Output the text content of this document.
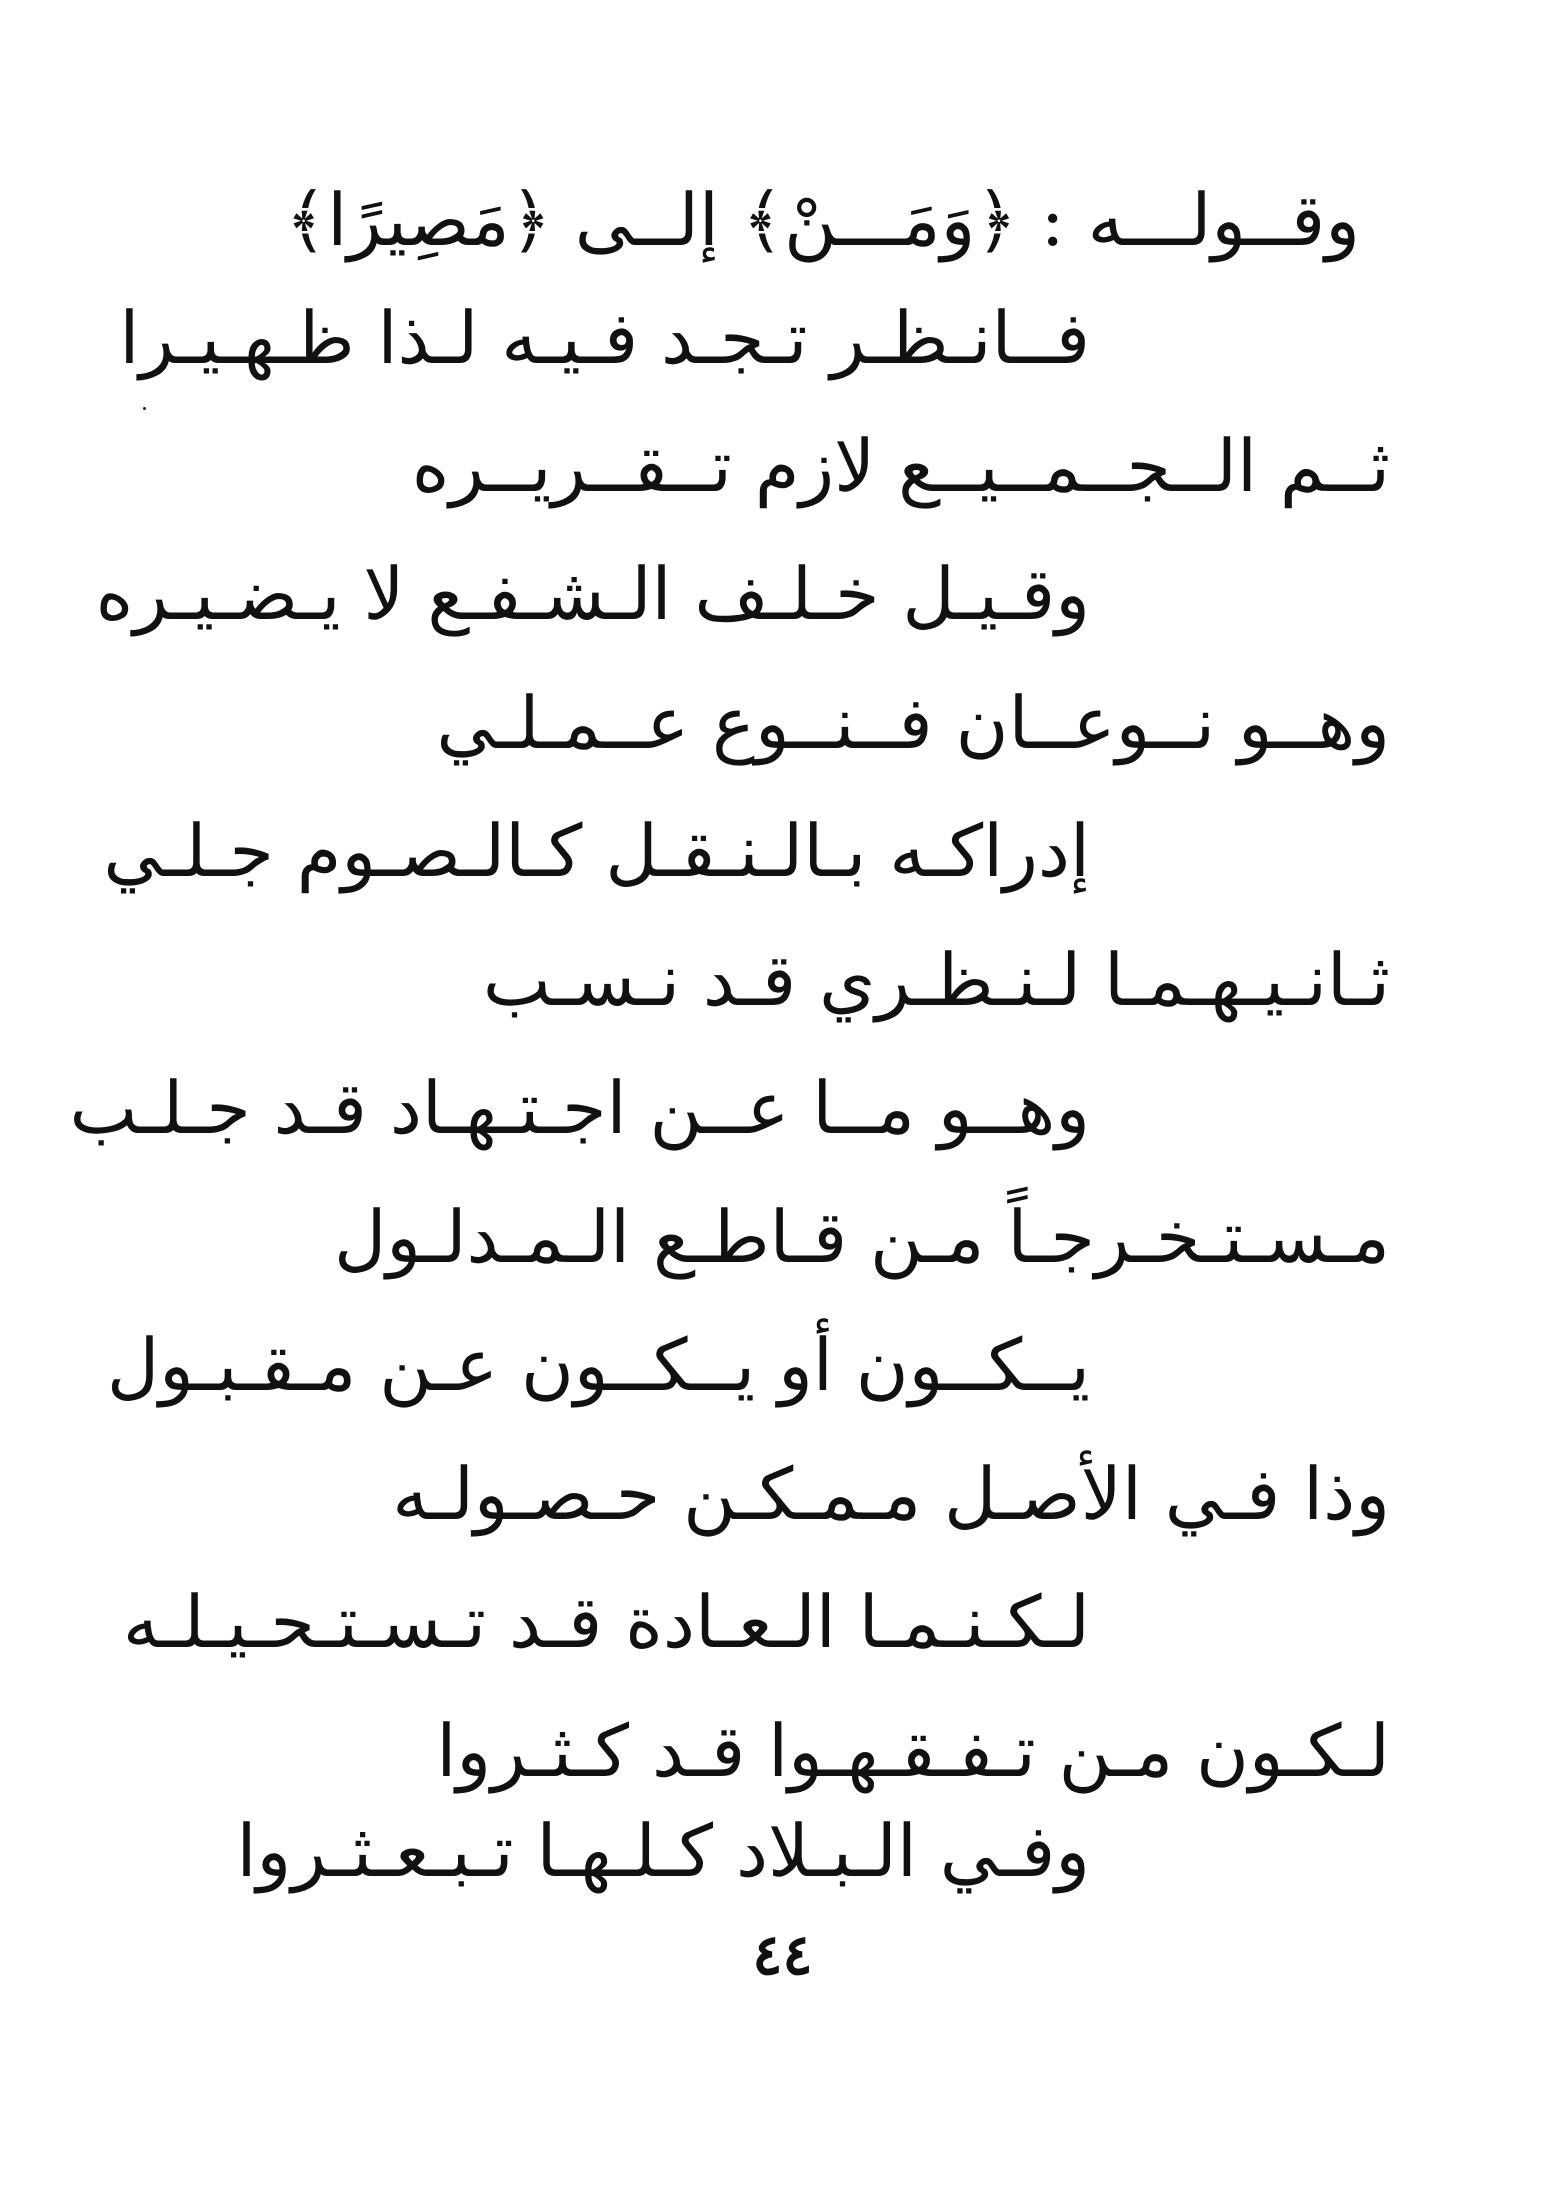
وقــولـــه : ﴿وَمَـــنْ﴾ إلــى ﴿مَصِيرًا﴾
فــانـظـر تـجـد فـيـه لـذا ظـهـيـرا
ثــم الــجــمــيــع لازم تــقــريــره
وقـيـل خـلـف الـشـفـع لا يـضـيـره
وهــو نــوعــان فــنــوع عــمـلـي
إدراكـه بـالـنـقـل كـالـصـوم جـلـي
ثـانـيـهـمـا لـنـظـري قـد نـسـب
وهــو مــا عــن اجـتـهـاد قـد جـلـب
مـسـتـخـرجـاً مـن قـاطـع الـمـدلـول
يــكــون أو يــكــون عـن مـقـبـول
وذا فـي الأصـل مـمـكـن حـصـولـه
لـكـنـمـا الـعـادة قـد تـسـتـحـيـلـه
لـكـون مـن تـفـقـهـوا قـد كـثـروا
وفـي الـبـلاد كـلـهـا تـبـعـثـروا
٤٤
